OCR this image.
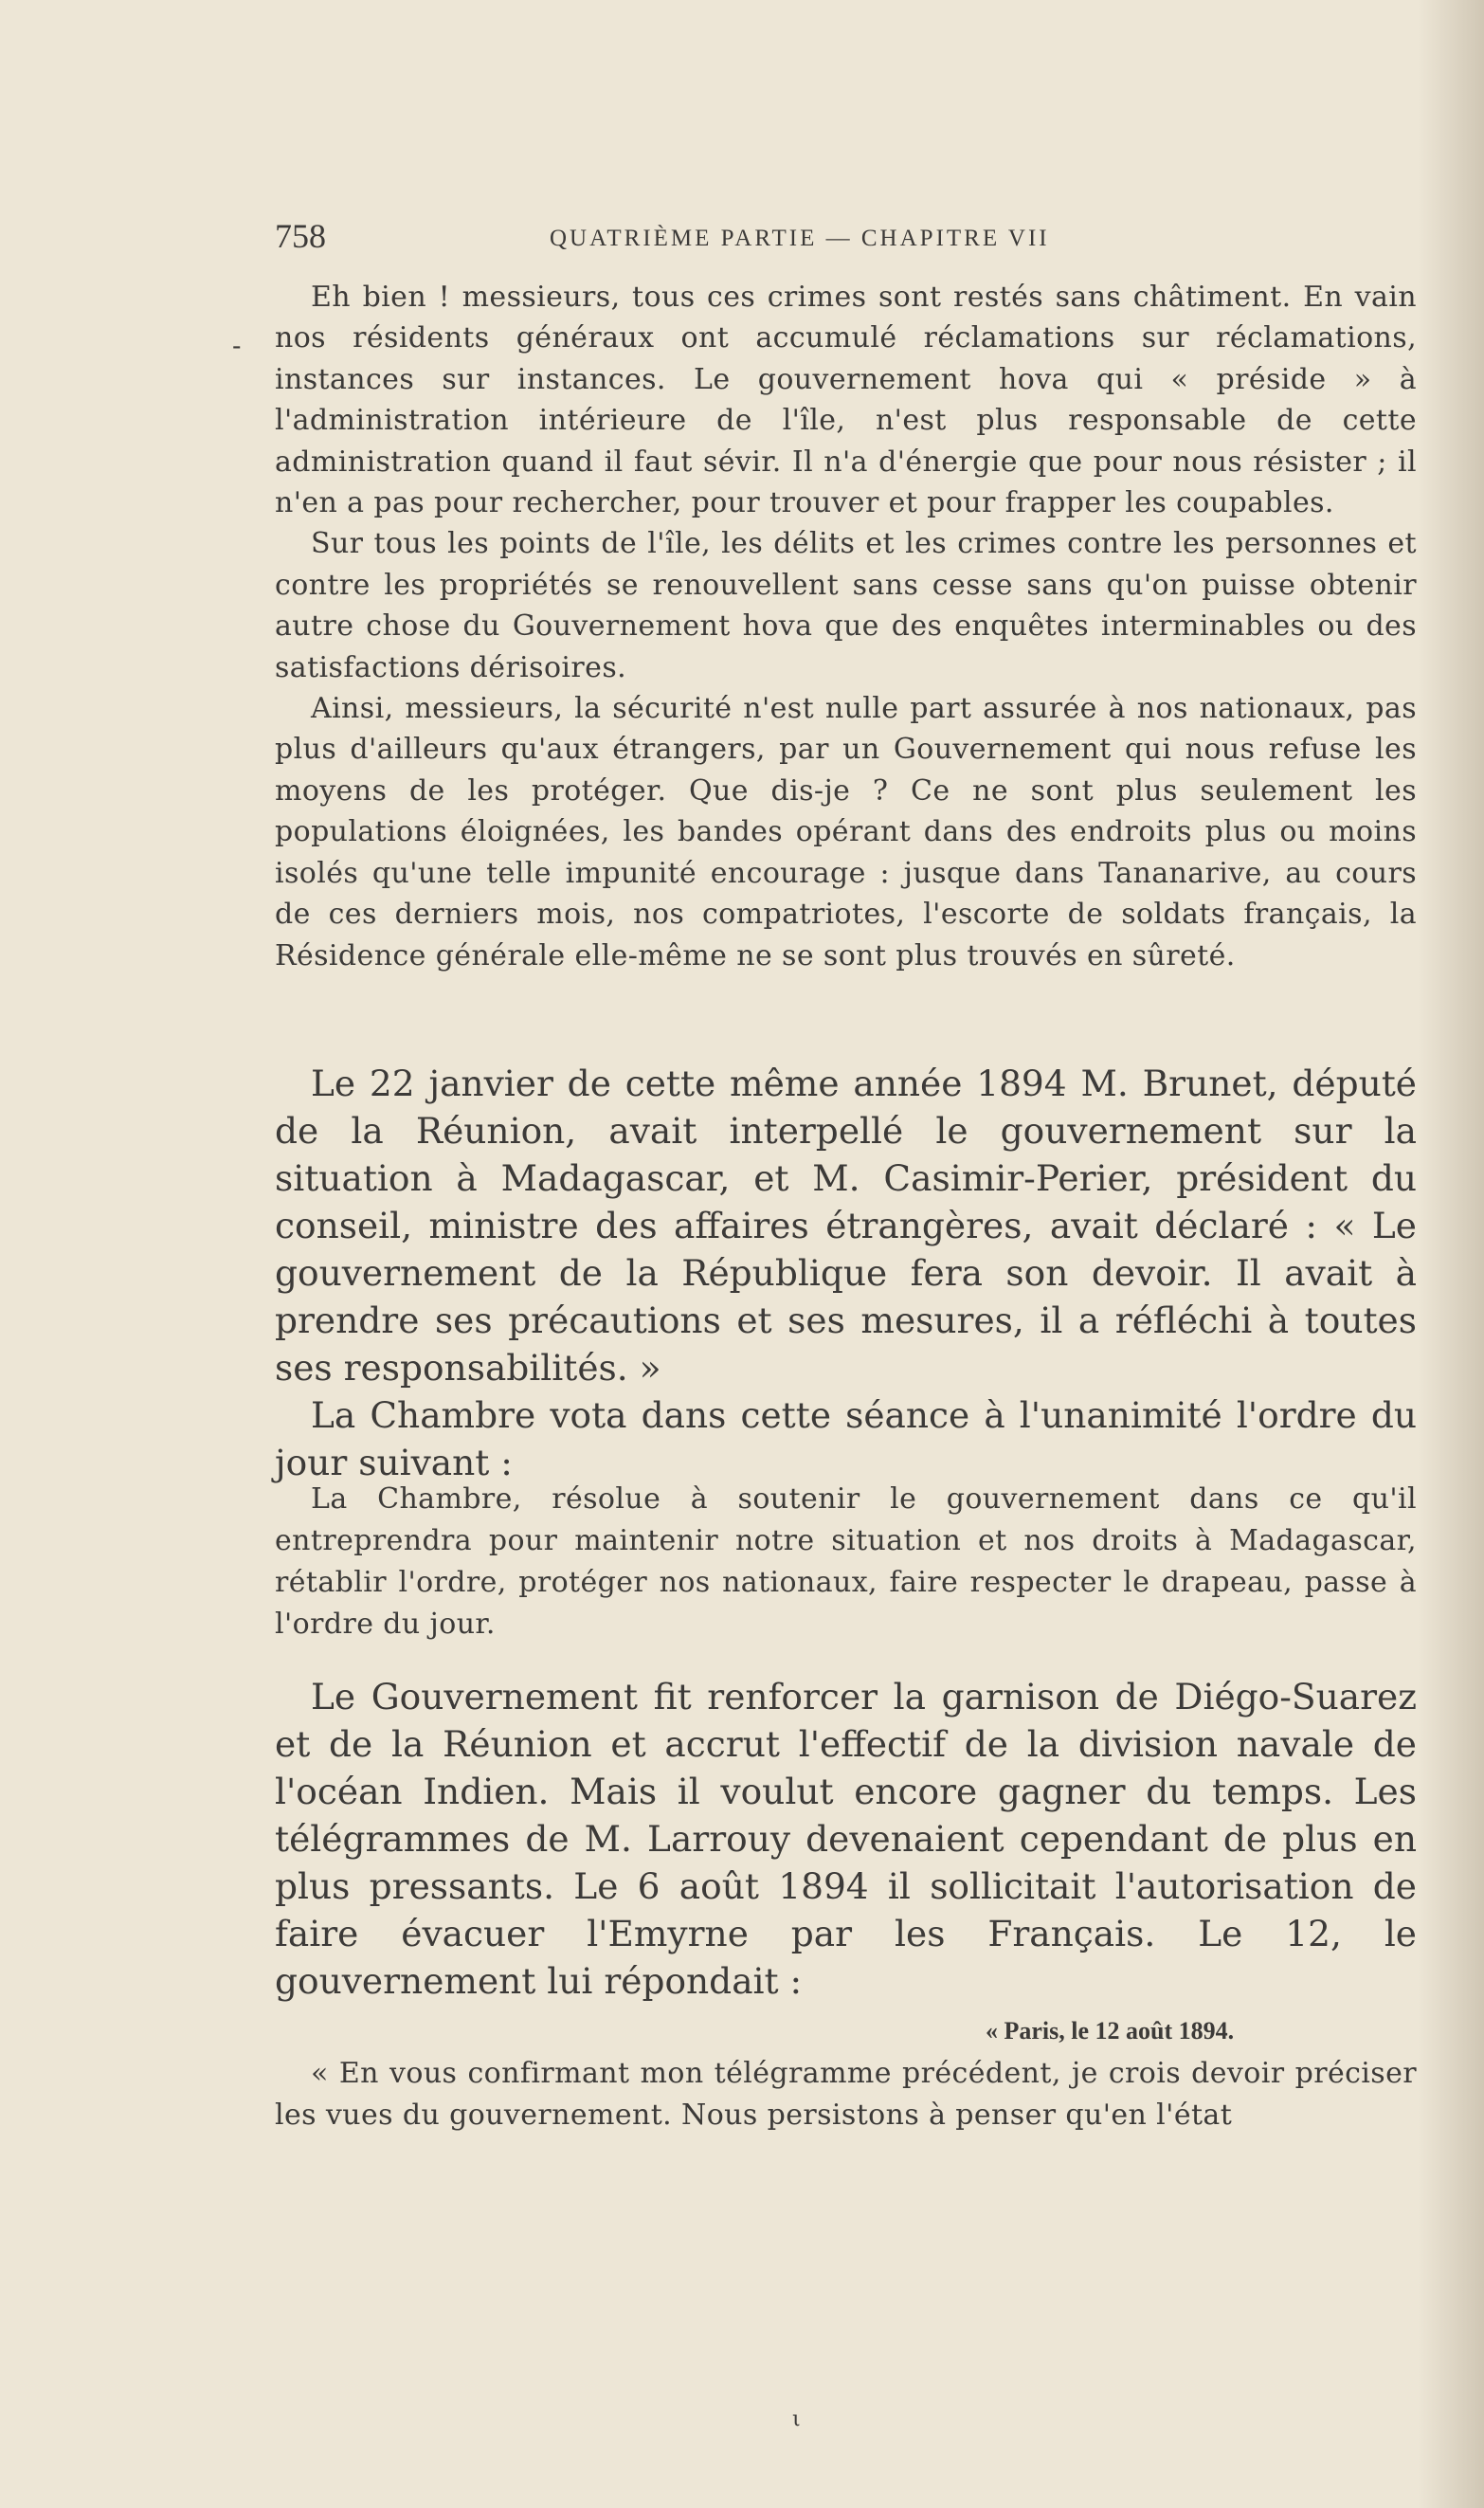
758	QUATRIÈME PARTIE — CHAPITRE VII
-

Eh bien ! messieurs, tous ces crimes sont restés sans châtiment. En vain nos résidents généraux ont accumulé réclamations sur réclamations, instances sur instances. Le gouvernement hova qui « préside » à l'administration intérieure de l'île, n'est plus responsable de cette administration quand il faut sévir. Il n'a d'énergie que pour nous résister ; il n'en a pas pour rechercher, pour trouver et pour frapper les coupables.

Sur tous les points de l'île, les délits et les crimes contre les personnes et contre les propriétés se renouvellent sans cesse sans qu'on puisse obtenir autre chose du Gouvernement hova que des enquêtes interminables ou des satisfactions dérisoires.

Ainsi, messieurs, la sécurité n'est nulle part assurée à nos nationaux, pas plus d'ailleurs qu'aux étrangers, par un Gouvernement qui nous refuse les moyens de les protéger. Que dis-je ? Ce ne sont plus seulement les populations éloignées, les bandes opérant dans des endroits plus ou moins isolés qu'une telle impunité encourage : jusque dans Tananarive, au cours de ces derniers mois, nos compatriotes, l'escorte de soldats français, la Résidence générale elle-même ne se sont plus trouvés en sûreté.

Le 22 janvier de cette même année 1894 M. Brunet, député de la Réunion, avait interpellé le gouvernement sur la situation à Madagascar, et M. Casimir-Perier, président du conseil, ministre des affaires étrangères, avait déclaré : « Le gouvernement de la République fera son devoir. Il avait à prendre ses précautions et ses mesures, il a réfléchi à toutes ses responsabilités. »

La Chambre vota dans cette séance à l'unanimité l'ordre du jour suivant :

La Chambre, résolue à soutenir le gouvernement dans ce qu'il entreprendra pour maintenir notre situation et nos droits à Madagascar, rétablir l'ordre, protéger nos nationaux, faire respecter le drapeau, passe à l'ordre du jour.

Le Gouvernement fit renforcer la garnison de Diégo-Suarez et de la Réunion et accrut l'effectif de la division navale de l'océan Indien. Mais il voulut encore gagner du temps. Les télégrammes de M. Larrouy devenaient cependant de plus en plus pressants. Le 6 août 1894 il sollicitait l'autorisation de faire évacuer l'Emyrne par les Français. Le 12, le gouvernement lui répondait :

« Paris, le 12 août 1894.

« En vous confirmant mon télégramme précédent, je crois devoir préciser les vues du gouvernement. Nous persistons à penser qu'en l'état

ι
